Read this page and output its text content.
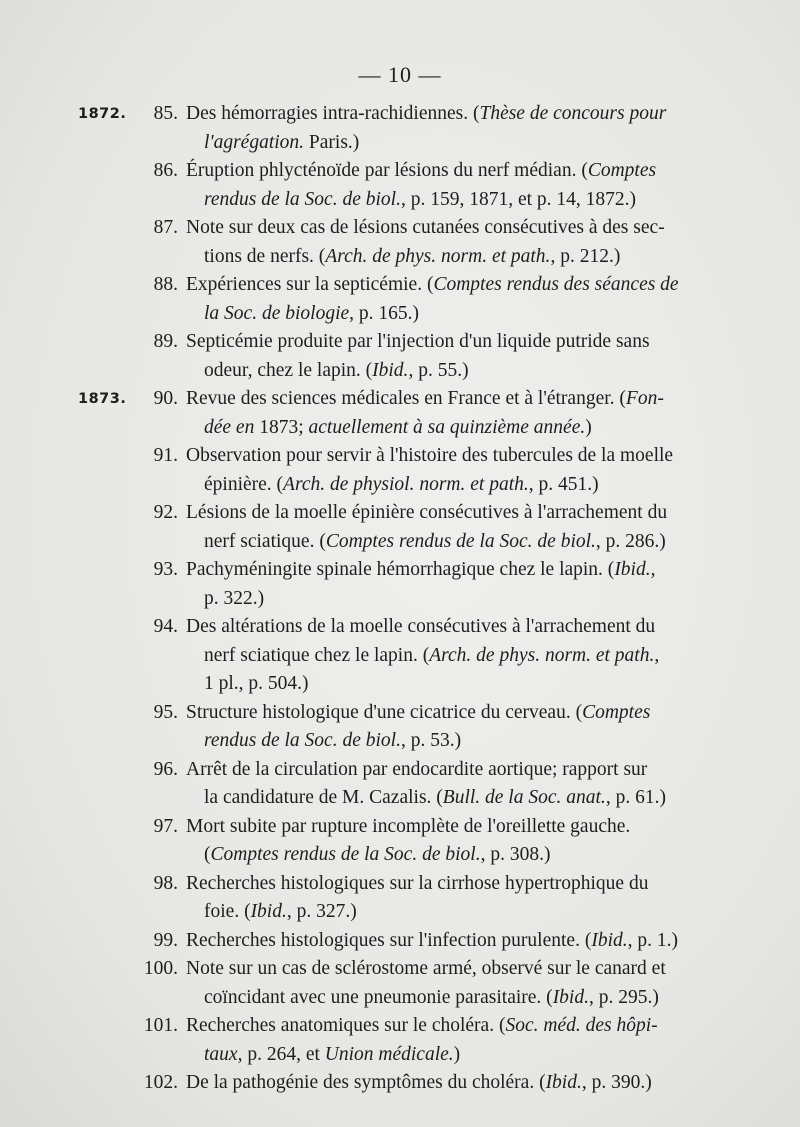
— 10 —
1872.	85. Des hémorragies intra-rachidiennes. (Thèse de concours pour
l'agrégation. Paris.)
86. Éruption phlycténoïde par lésions du nerf médian. (Comptes
rendus de la Soc. de biol., p. 159, 1871, et p. 14, 1872.)
87. Note sur deux cas de lésions cutanées consécutives à des sec-
tions de nerfs. (Arch. de phys. norm. et path., p. 212.)
88. Expériences sur la septicémie. (Comptes rendus des séances de
la Soc. de biologie, p. 165.)
89. Septicémie produite par l'injection d'un liquide putride sans
odeur, chez le lapin. (Ibid., p. 55.)
1873.	90. Revue des sciences médicales en France et à l'étranger. (Fon-
dée en 1873; actuellement à sa quinzième année.)
91. Observation pour servir à l'histoire des tubercules de la moelle
épinière. (Arch. de physiol. norm. et path., p. 451.)
92. Lésions de la moelle épinière consécutives à l'arrachement du
nerf sciatique. (Comptes rendus de la Soc. de biol., p. 286.)
93. Pachyméningite spinale hémorrhagique chez le lapin. (Ibid.,
p. 322.)
94. Des altérations de la moelle consécutives à l'arrachement du
nerf sciatique chez le lapin. (Arch. de phys. norm. et path.,
1 pl., p. 504.)
95. Structure histologique d'une cicatrice du cerveau. (Comptes
rendus de la Soc. de biol., p. 53.)
96. Arrêt de la circulation par endocardite aortique; rapport sur
la candidature de M. Cazalis. (Bull. de la Soc. anat., p. 61.)
97. Mort subite par rupture incomplète de l'oreillette gauche.
(Comptes rendus de la Soc. de biol., p. 308.)
98. Recherches histologiques sur la cirrhose hypertrophique du
foie. (Ibid., p. 327.)
99. Recherches histologiques sur l'infection purulente. (Ibid., p. 1.)
100. Note sur un cas de sclérostome armé, observé sur le canard et
coïncidant avec une pneumonie parasitaire. (Ibid., p. 295.)
101. Recherches anatomiques sur le choléra. (Soc. méd. des hôpi-
taux, p. 264, et Union médicale.)
102. De la pathogénie des symptômes du choléra. (Ibid., p. 390.)
